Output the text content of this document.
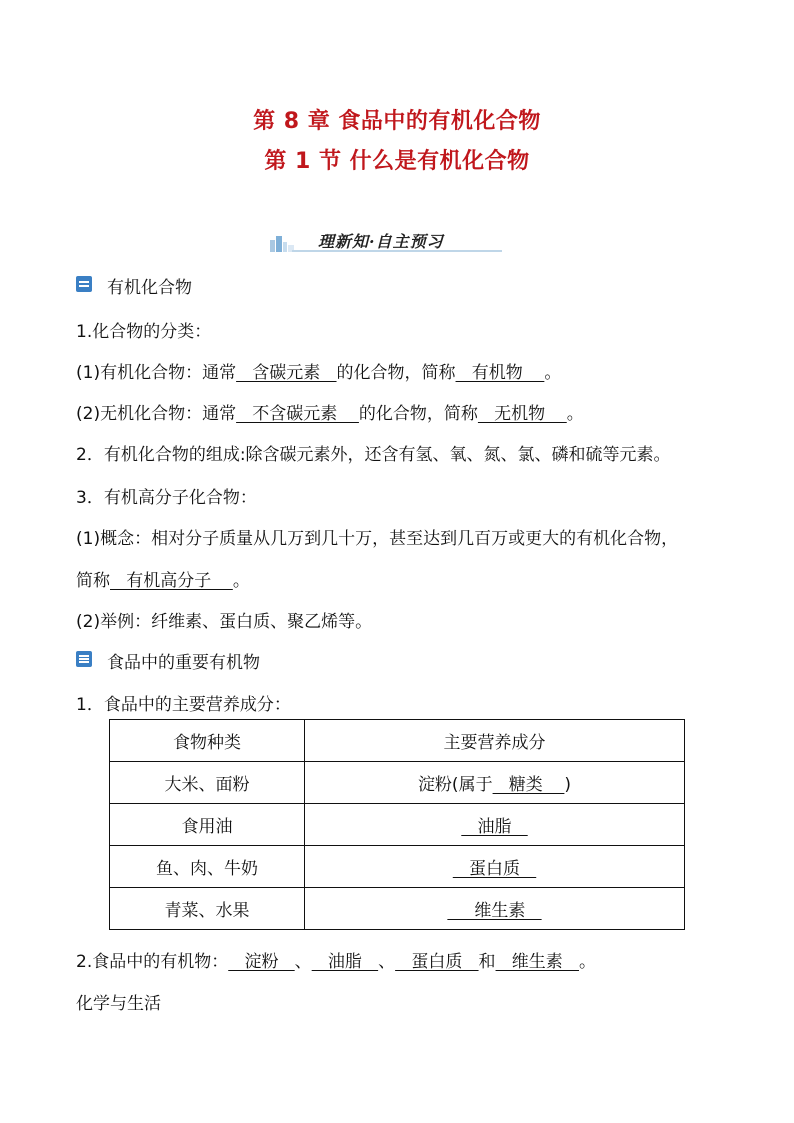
第 8 章 食品中的有机化合物
第 1 节 什么是有机化合物
理新知·自主预习
有机化合物
1.化合物的分类：
(1)有机化合物：通常   含碳元素   的化合物，简称   有机物    。
(2)无机化合物：通常   不含碳元素    的化合物，简称   无机物    。
2．有机化合物的组成:除含碳元素外，还含有氢、氧、氮、氯、磷和硫等元素。
3．有机高分子化合物：
(1)概念：相对分子质量从几万到几十万，甚至达到几百万或更大的有机化合物，
简称   有机高分子    。
(2)举例：纤维素、蛋白质、聚乙烯等。
食品中的重要有机物
1．食品中的主要营养成分：
食物种类	主要营养成分
大米、面粉	淀粉(属于   糖类    )
食用油	油脂
鱼、肉、牛奶	蛋白质
青菜、水果	维生素
2.食品中的有机物：   淀粉   、   油脂   、   蛋白质   和   维生素   。
化学与生活
